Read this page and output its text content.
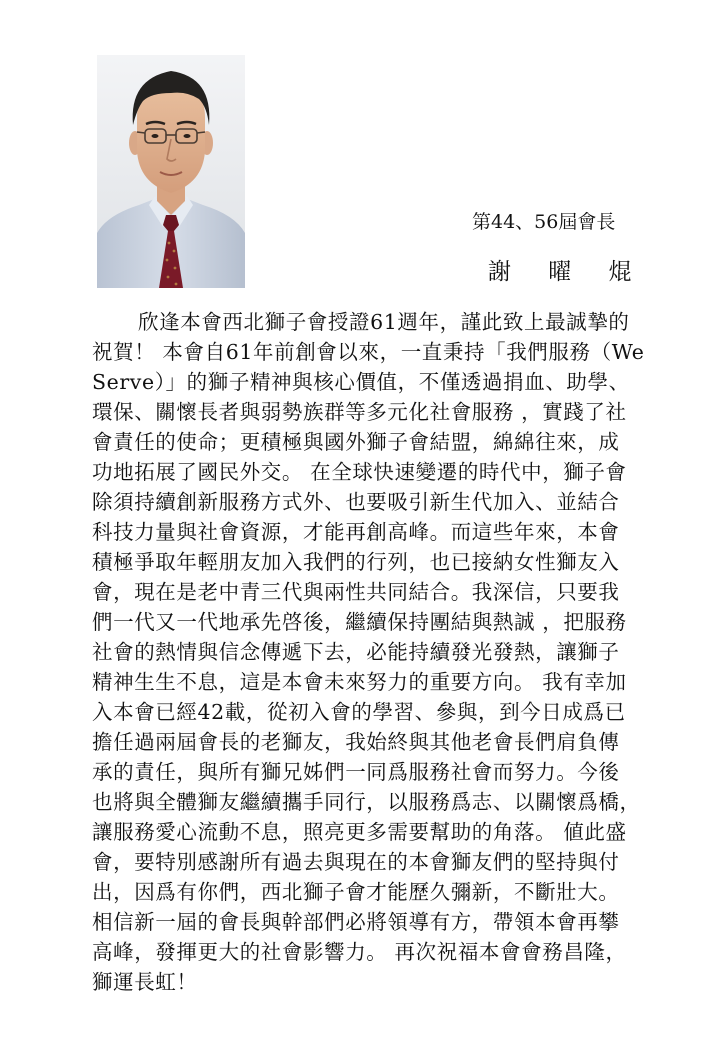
第44、56屆會長
謝 曜 焜
欣逢本會西北獅子會授證61週年，謹此致上最誠摯的
祝賀！ 本會自61年前創會以來，一直秉持「我們服務（We
Serve）」的獅子精神與核心價值，不僅透過捐血、助學、
環保、關懷長者與弱勢族群等多元化社會服務 ，實踐了社
會責任的使命；更積極與國外獅子會結盟，綿綿往來，成
功地拓展了國民外交。 在全球快速變遷的時代中，獅子會
除須持續創新服務方式外、也要吸引新生代加入、並結合
科技力量與社會資源，才能再創高峰。而這些年來，本會
積極爭取年輕朋友加入我們的行列，也已接納女性獅友入
會，現在是老中青三代與兩性共同結合。我深信，只要我
們一代又一代地承先啓後，繼續保持團結與熱誠 ，把服務
社會的熱情與信念傳遞下去，必能持續發光發熱，讓獅子
精神生生不息，這是本會未來努力的重要方向。 我有幸加
入本會已經42載，從初入會的學習、參與，到今日成爲已
擔任過兩屆會長的老獅友，我始終與其他老會長們肩負傳
承的責任，與所有獅兄姊們一同爲服務社會而努力。今後
也將與全體獅友繼續攜手同行，以服務爲志、以關懷爲橋，
讓服務愛心流動不息，照亮更多需要幫助的角落。 値此盛
會，要特別感謝所有過去與現在的本會獅友們的堅持與付
出，因爲有你們，西北獅子會才能歷久彌新，不斷壯大。
相信新一屆的會長與幹部們必將領導有方，帶領本會再攀
高峰，發揮更大的社會影響力。 再次祝福本會會務昌隆，
獅運長虹！
